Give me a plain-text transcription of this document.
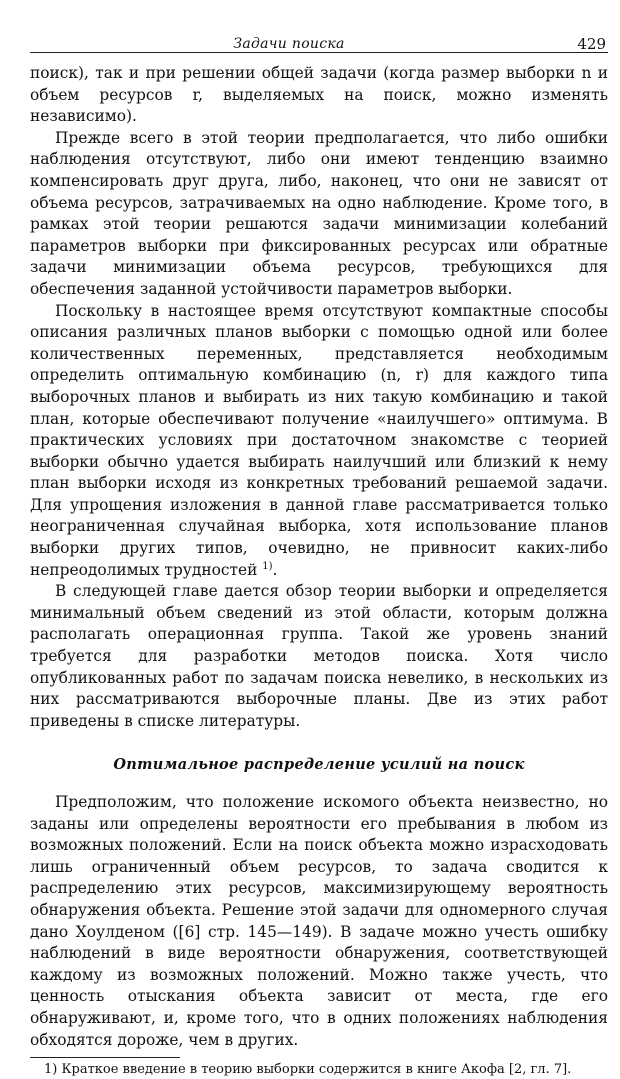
Задачи поиска	429

поиск), так и при решении общей задачи (когда размер выборки n и объем ресурсов r, выделяемых на поиск, можно изменять независимо).

Прежде всего в этой теории предполагается, что либо ошибки наблюдения отсутствуют, либо они имеют тенденцию взаимно компенсировать друг друга, либо, наконец, что они не зависят от объема ресурсов, затрачиваемых на одно наблюдение. Кроме того, в рамках этой теории решаются задачи минимизации колебаний параметров выборки при фиксированных ресурсах или обратные задачи минимизации объема ресурсов, требующихся для обеспечения заданной устойчивости параметров выборки.

Поскольку в настоящее время отсутствуют компактные способы описания различных планов выборки с помощью одной или более количественных переменных, представляется необходимым определить оптимальную комбинацию (n, r) для каждого типа выборочных планов и выбирать из них такую комбинацию и такой план, которые обеспечивают получение «наилучшего» оптимума. В практических условиях при достаточном знакомстве с теорией выборки обычно удается выбирать наилучший или близкий к нему план выборки исходя из конкретных требований решаемой задачи. Для упрощения изложения в данной главе рассматривается только неограниченная случайная выборка, хотя использование планов выборки других типов, очевидно, не привносит каких-либо непреодолимых трудностей $^{1)}$.

В следующей главе дается обзор теории выборки и определяется минимальный объем сведений из этой области, которым должна располагать операционная группа. Такой же уровень знаний требуется для разработки методов поиска. Хотя число опубликованных работ по задачам поиска невелико, в нескольких из них рассматриваются выборочные планы. Две из этих работ приведены в списке литературы.

Оптимальное распределение усилий на поиск

Предположим, что положение искомого объекта неизвестно, но заданы или определены вероятности его пребывания в любом из возможных положений. Если на поиск объекта можно израсходовать лишь ограниченный объем ресурсов, то задача сводится к распределению этих ресурсов, максимизирующему вероятность обнаружения объекта. Решение этой задачи для одномерного случая дано Хоулденом ([6] стр. 145—149). В задаче можно учесть ошибку наблюдений в виде вероятности обнаружения, соответствующей каждому из возможных положений. Можно также учесть, что ценность отыскания объекта зависит от места, где его обнаруживают, и, кроме того, что в одних положениях наблюдения обходятся дороже, чем в других.

1) Краткое введение в теорию выборки содержится в книге Акофа [2, гл. 7].
